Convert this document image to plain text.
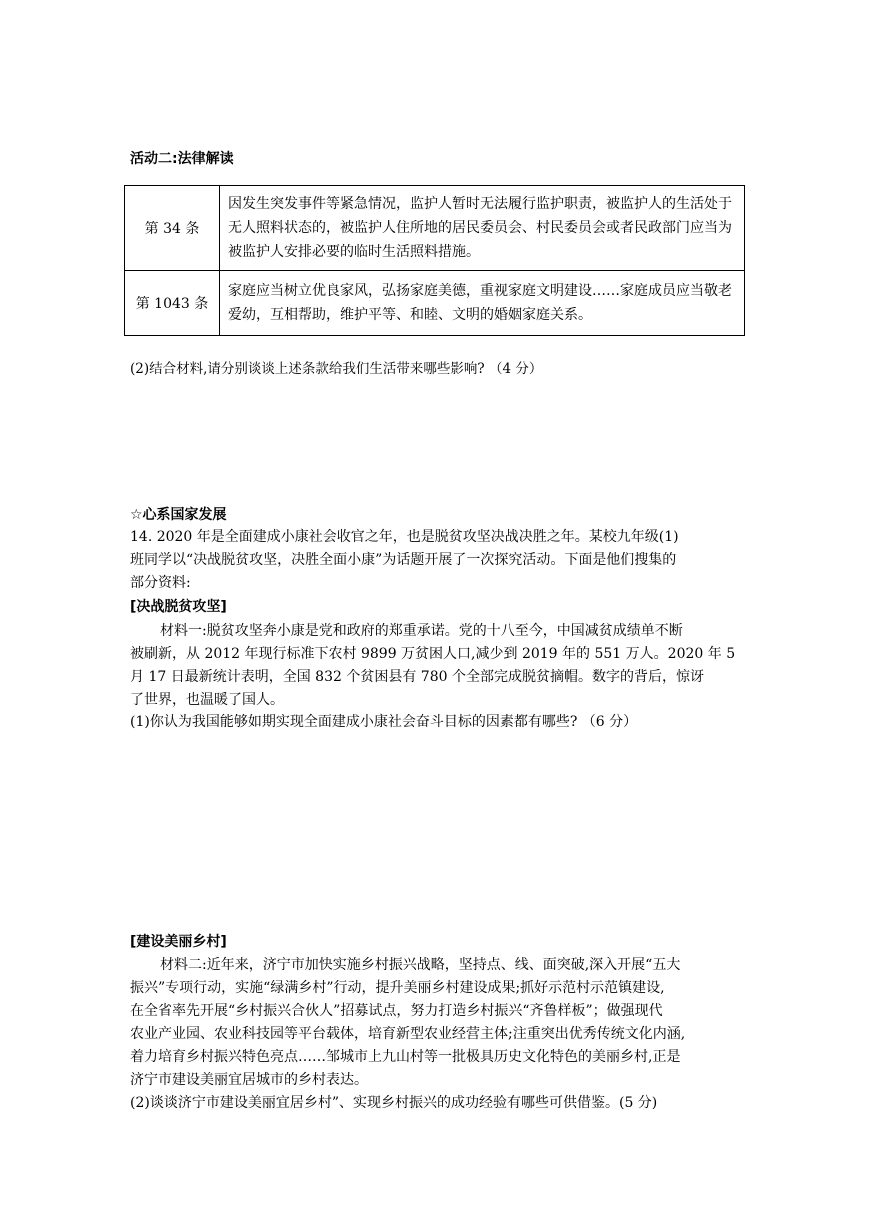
活动二:法律解读
第 34 条	因发生突发事件等紧急情况，监护人暂时无法履行监护职责，被监护人的生活处于无人照料状态的，被监护人住所地的居民委员会、村民委员会或者民政部门应当为被监护人安排必要的临时生活照料措施。
第 1043 条	家庭应当树立优良家风，弘扬家庭美德，重视家庭文明建设……家庭成员应当敬老爱幼，互相帮助，维护平等、和睦、文明的婚姻家庭关系。
(2)结合材料,请分别谈谈上述条款给我们生活带来哪些影响? （4 分）
☆心系国家发展
14. 2020 年是全面建成小康社会收官之年，也是脱贫攻坚决战决胜之年。某校九年级(1)
班同学以“决战脱贫攻坚，决胜全面小康”为话题开展了一次探究活动。下面是他们搜集的
部分资料:
[决战脱贫攻坚]
材料一:脱贫攻坚奔小康是党和政府的郑重承诺。党的十八至今，中国减贫成绩单不断
被刷新，从 2012 年现行标准下农村 9899 万贫困人口,减少到 2019 年的 551 万人。2020 年 5
月 17 日最新统计表明，全国 832 个贫困县有 780 个全部完成脱贫摘帽。数字的背后，惊讶
了世界，也温暖了国人。
(1)你认为我国能够如期实现全面建成小康社会奋斗目标的因素都有哪些? （6 分）
[建设美丽乡村]
材料二:近年来，济宁市加快实施乡村振兴战略，坚持点、线、面突破,深入开展“五大
振兴”专项行动，实施“绿满乡村”行动，提升美丽乡村建设成果;抓好示范村示范镇建设,
在全省率先开展“乡村振兴合伙人”招募试点，努力打造乡村振兴“齐鲁样板”；做强现代
农业产业园、农业科技园等平台载体，培育新型农业经营主体;注重突出优秀传统文化内涵,
着力培育乡村振兴特色亮点……邹城市上九山村等一批极具历史文化特色的美丽乡村,正是
济宁市建设美丽宜居城市的乡村表达。
(2)谈谈济宁市建设美丽宜居乡村”、实现乡村振兴的成功经验有哪些可供借鉴。(5 分)
